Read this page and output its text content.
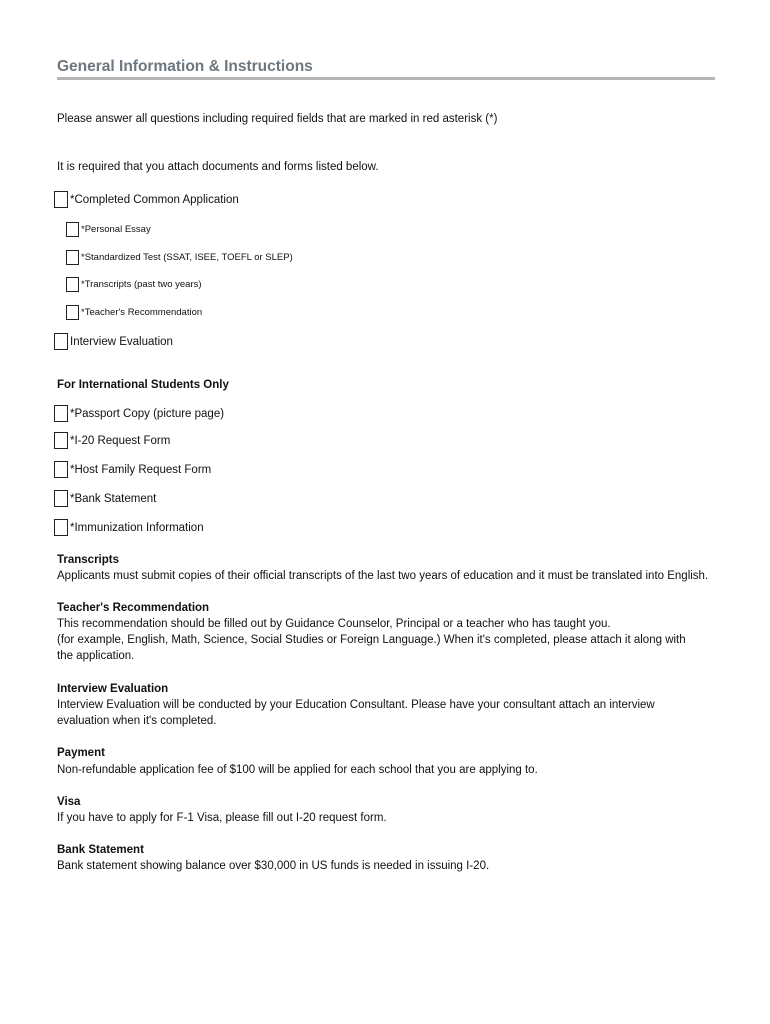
General Information & Instructions
Please answer all questions including required fields that are marked in red asterisk (*)
It is required that you attach documents and forms listed below.
*Completed Common Application
*Personal Essay
*Standardized Test (SSAT, ISEE, TOEFL or SLEP)
*Transcripts (past two years)
*Teacher's Recommendation
Interview Evaluation
For International Students Only
*Passport Copy (picture page)
*I-20 Request Form
*Host Family Request Form
*Bank Statement
*Immunization Information
Transcripts
Applicants must submit copies of their official transcripts of the last two years of education and it must be translated into English.
Teacher's Recommendation
This recommendation should be filled out by Guidance Counselor, Principal or a teacher who has taught you.
(for example, English, Math, Science, Social Studies or Foreign Language.) When it's completed, please attach it along with
the application.
Interview Evaluation
Interview Evaluation will be conducted by your Education Consultant. Please have your consultant attach an interview
evaluation when it's completed.
Payment
Non-refundable application fee of $100 will be applied for each school that you are applying to.
Visa
If you have to apply for F-1 Visa, please fill out I-20 request form.
Bank Statement
Bank statement showing balance over $30,000 in US funds is needed in issuing I-20.
